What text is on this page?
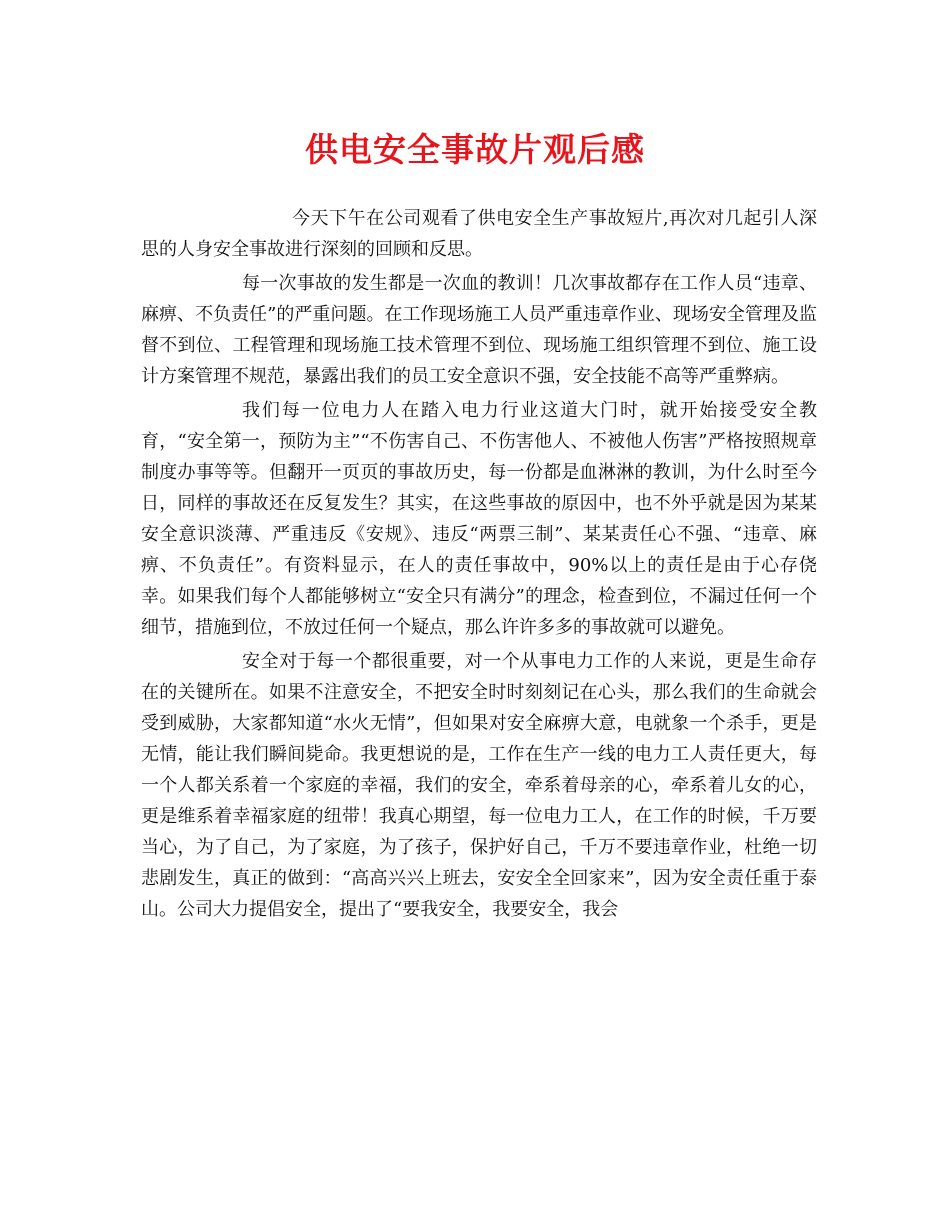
供电安全事故片观后感

今天下午在公司观看了供电安全生产事故短片,再次对几起引人深思的人身安全事故进行深刻的回顾和反思。

每一次事故的发生都是一次血的教训！几次事故都存在工作人员“违章、麻痹、不负责任”的严重问题。在工作现场施工人员严重违章作业、现场安全管理及监督不到位、工程管理和现场施工技术管理不到位、现场施工组织管理不到位、施工设计方案管理不规范，暴露出我们的员工安全意识不强，安全技能不高等严重弊病。

我们每一位电力人在踏入电力行业这道大门时，就开始接受安全教育，“安全第一，预防为主”“不伤害自己、不伤害他人、不被他人伤害”严格按照规章制度办事等等。但翻开一页页的事故历史，每一份都是血淋淋的教训，为什么时至今日，同样的事故还在反复发生？其实，在这些事故的原因中，也不外乎就是因为某某安全意识淡薄、严重违反《安规》、违反“两票三制”、某某责任心不强、“违章、麻痹、不负责任”。有资料显示，在人的责任事故中，90%以上的责任是由于心存侥幸。如果我们每个人都能够树立“安全只有满分”的理念，检查到位，不漏过任何一个细节，措施到位，不放过任何一个疑点，那么许许多多的事故就可以避免。

安全对于每一个都很重要，对一个从事电力工作的人来说，更是生命存在的关键所在。如果不注意安全，不把安全时时刻刻记在心头，那么我们的生命就会受到威胁，大家都知道“水火无情”，但如果对安全麻痹大意，电就象一个杀手，更是无情，能让我们瞬间毙命。我更想说的是，工作在生产一线的电力工人责任更大，每一个人都关系着一个家庭的幸福，我们的安全，牵系着母亲的心，牵系着儿女的心，更是维系着幸福家庭的纽带！我真心期望，每一位电力工人，在工作的时候，千万要当心，为了自己，为了家庭，为了孩子，保护好自己，千万不要违章作业，杜绝一切悲剧发生，真正的做到：“高高兴兴上班去，安安全全回家来”，因为安全责任重于泰山。公司大力提倡安全，提出了“要我安全，我要安全，我会
